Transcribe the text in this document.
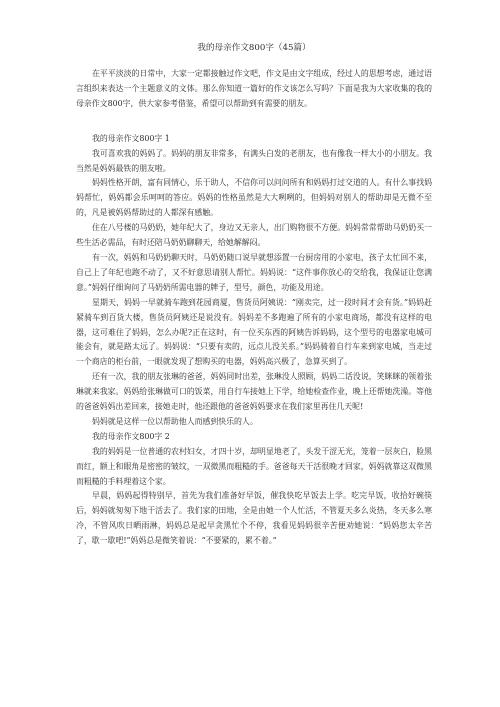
我的母亲作文800字（45篇）

在平平淡淡的日常中，大家一定都接触过作文吧，作文是由文字组成，经过人的思想考虑，通过语言组织来表达一个主题意义的文体。那么你知道一篇好的作文该怎么写吗？下面是我为大家收集的我的母亲作文800字，供大家参考借鉴，希望可以帮助到有需要的朋友。

我的母亲作文800字 1

我可喜欢我的妈妈了。妈妈的朋友非常多，有满头白发的老朋友，也有像我一样大小的小朋友。我当然是妈妈最铁的朋友啦。

妈妈性格开朗，富有同情心，乐于助人，不信你可以问问所有和妈妈打过交道的人。有什么事找妈妈帮忙，妈妈都会乐呵呵的答应。妈妈的性格虽然是大大咧咧的，但妈妈对别人的帮助却是无微不至的，凡是被妈妈帮助过的人都深有感触。

住在八号楼的马奶奶，她年纪大了，身边又无亲人，出门购物很不方便。妈妈常常帮助马奶奶买一些生活必需品，有时还陪马奶奶聊聊天，给她解解闷。

有一次，妈妈和马奶奶聊天时，马奶奶随口说早就想添置一台厨房用的小家电，孩子太忙回不来，自己上了年纪也跑不动了，又不好意思请别人帮忙。妈妈说：“这件事你放心的交给我，我保证让您满意。”妈妈仔细询问了马奶奶所需电器的牌子，型号，颜色，功能及用途。

星期天，妈妈一早就骑车跑到花园商厦，售货员阿姨说：“刚卖完，过一段时间才会有货。”妈妈赶紧骑车到百货大楼，售货员阿姨还是说没有。妈妈差不多跑遍了所有的小家电商场，都没有这样的电器，这可难住了妈妈，怎么办呢?正在这时，有一位买东西的阿姨告诉妈妈，这个型号的电器家电城可能会有，就是路太远了。妈妈说：“只要有卖的，远点儿没关系。”妈妈骑着自行车来到家电城，当走过一个商店的柜台前，一眼就发现了想购买的电器，妈妈高兴极了，急算买到了。

还有一次，我的朋友张琳的爸爸，妈妈同时出差，张琳没人照顾，妈妈二话没说，笑眯眯的领着张琳就来我家。妈妈给张琳做可口的饭菜，用自行车接她上下学，给她检查作业，晚上还帮她洗澡。等他的爸爸妈妈出差回来，接她走时，他还跟他的爸爸妈妈要求在我们家里再住几天呢!

妈妈就是这样一位以帮助他人而感到快乐的人。

我的母亲作文800字 2

我的妈妈是一位普通的农村妇女，才四十岁，却明显地老了，头发干涩无光，笼着一层灰白，脸黑而红，额上和眼角是密密的皱纹，一双微黑而粗糙的手。爸爸每天干活很晚才回家，妈妈就靠这双微黑而粗糙的手料理着这个家。

早晨，妈妈起得特别早，首先为我们准备好早饭，催我快吃早饭去上学。吃完早饭，收拾好碗筷后，妈妈就匆匆下地干活去了。我们家的田地，全是由她一个人忙活，不管夏天多么炎热，冬天多么寒冷，不管风吹日晒雨淋，妈妈总是起早贪黑忙个不停，我看见妈妈很辛苦便劝她说：“妈妈您太辛苦了，歇一歇吧!”妈妈总是微笑着说：“不要紧的，累不着。”
